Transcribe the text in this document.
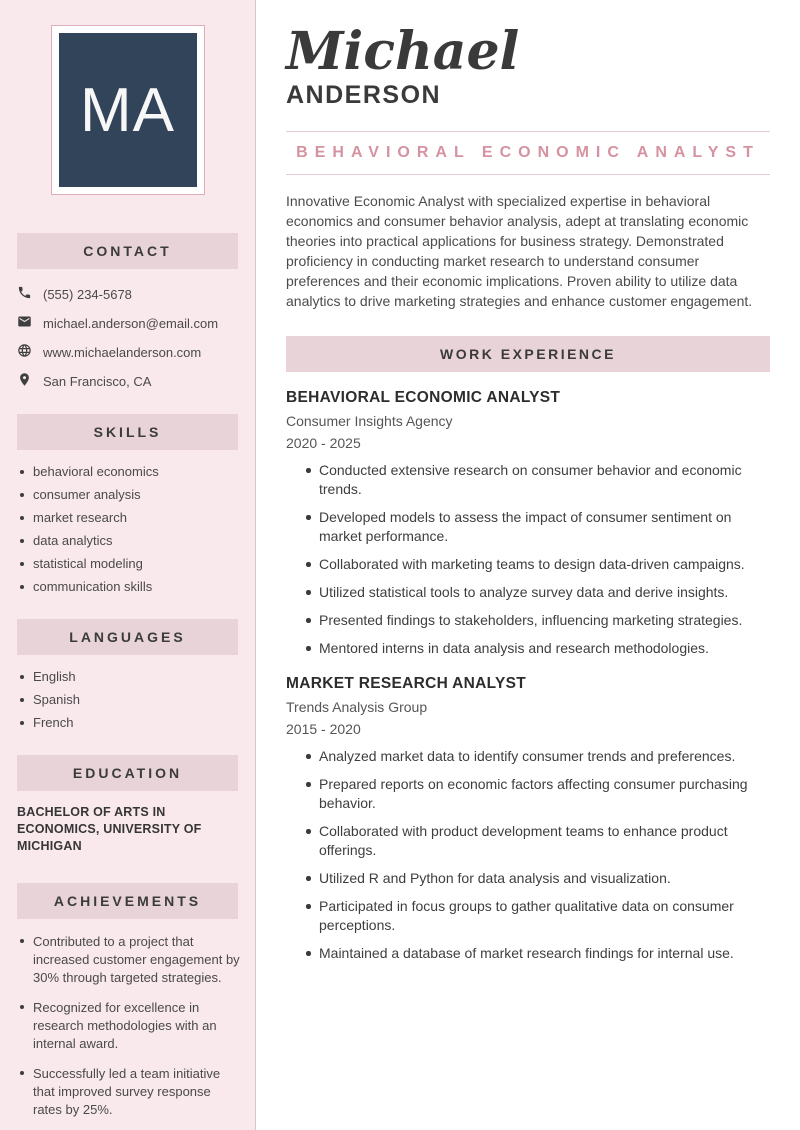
MA
CONTACT
(555) 234-5678
michael.anderson@email.com
www.michaelanderson.com
San Francisco, CA
SKILLS
behavioral economics
consumer analysis
market research
data analytics
statistical modeling
communication skills
LANGUAGES
English
Spanish
French
EDUCATION
BACHELOR OF ARTS IN ECONOMICS, UNIVERSITY OF MICHIGAN
ACHIEVEMENTS
Contributed to a project that increased customer engagement by 30% through targeted strategies.
Recognized for excellence in research methodologies with an internal award.
Successfully led a team initiative that improved survey response rates by 25%.
Michael
ANDERSON
BEHAVIORAL ECONOMIC ANALYST

Innovative Economic Analyst with specialized expertise in behavioral economics and consumer behavior analysis, adept at translating economic theories into practical applications for business strategy. Demonstrated proficiency in conducting market research to understand consumer preferences and their economic implications. Proven ability to utilize data analytics to drive marketing strategies and enhance customer engagement.

WORK EXPERIENCE
BEHAVIORAL ECONOMIC ANALYST
Consumer Insights Agency
2020 - 2025
Conducted extensive research on consumer behavior and economic trends.
Developed models to assess the impact of consumer sentiment on market performance.
Collaborated with marketing teams to design data-driven campaigns.
Utilized statistical tools to analyze survey data and derive insights.
Presented findings to stakeholders, influencing marketing strategies.
Mentored interns in data analysis and research methodologies.
MARKET RESEARCH ANALYST
Trends Analysis Group
2015 - 2020
Analyzed market data to identify consumer trends and preferences.
Prepared reports on economic factors affecting consumer purchasing behavior.
Collaborated with product development teams to enhance product offerings.
Utilized R and Python for data analysis and visualization.
Participated in focus groups to gather qualitative data on consumer perceptions.
Maintained a database of market research findings for internal use.
